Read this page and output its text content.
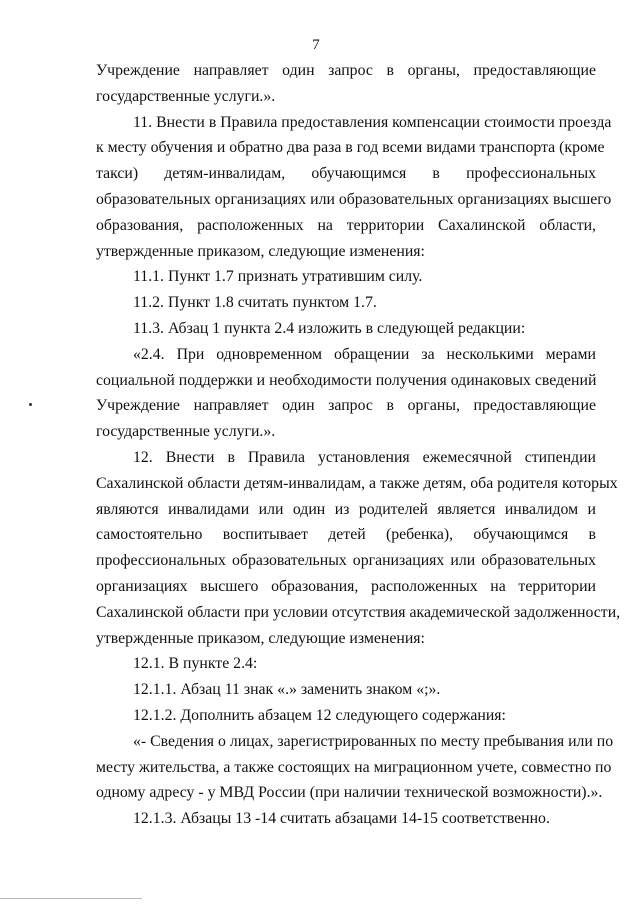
7
Учреждение направляет один запрос в органы, предоставляющие
государственные услуги.».
11. Внести в Правила предоставления компенсации стоимости проезда
к месту обучения и обратно два раза в год всеми видами транспорта (кроме
такси) детям-инвалидам, обучающимся в профессиональных
образовательных организациях или образовательных организациях высшего
образования, расположенных на территории Сахалинской области,
утвержденные приказом, следующие изменения:
11.1. Пункт 1.7 признать утратившим силу.
11.2. Пункт 1.8 считать пунктом 1.7.
11.3. Абзац 1 пункта 2.4 изложить в следующей редакции:
«2.4. При одновременном обращении за несколькими мерами
социальной поддержки и необходимости получения одинаковых сведений
Учреждение направляет один запрос в органы, предоставляющие
государственные услуги.».
12. Внести в Правила установления ежемесячной стипендии
Сахалинской области детям-инвалидам, а также детям, оба родителя которых
являются инвалидами или один из родителей является инвалидом и
самостоятельно воспитывает детей (ребенка), обучающимся в
профессиональных образовательных организациях или образовательных
организациях высшего образования, расположенных на территории
Сахалинской области при условии отсутствия академической задолженности,
утвержденные приказом, следующие изменения:
12.1. В пункте 2.4:
12.1.1. Абзац 11 знак «.» заменить знаком «;».
12.1.2. Дополнить абзацем 12 следующего содержания:
«- Сведения о лицах, зарегистрированных по месту пребывания или по
месту жительства, а также состоящих на миграционном учете, совместно по
одному адресу - у МВД России (при наличии технической возможности).».
12.1.3. Абзацы 13 -14 считать абзацами 14-15 соответственно.
